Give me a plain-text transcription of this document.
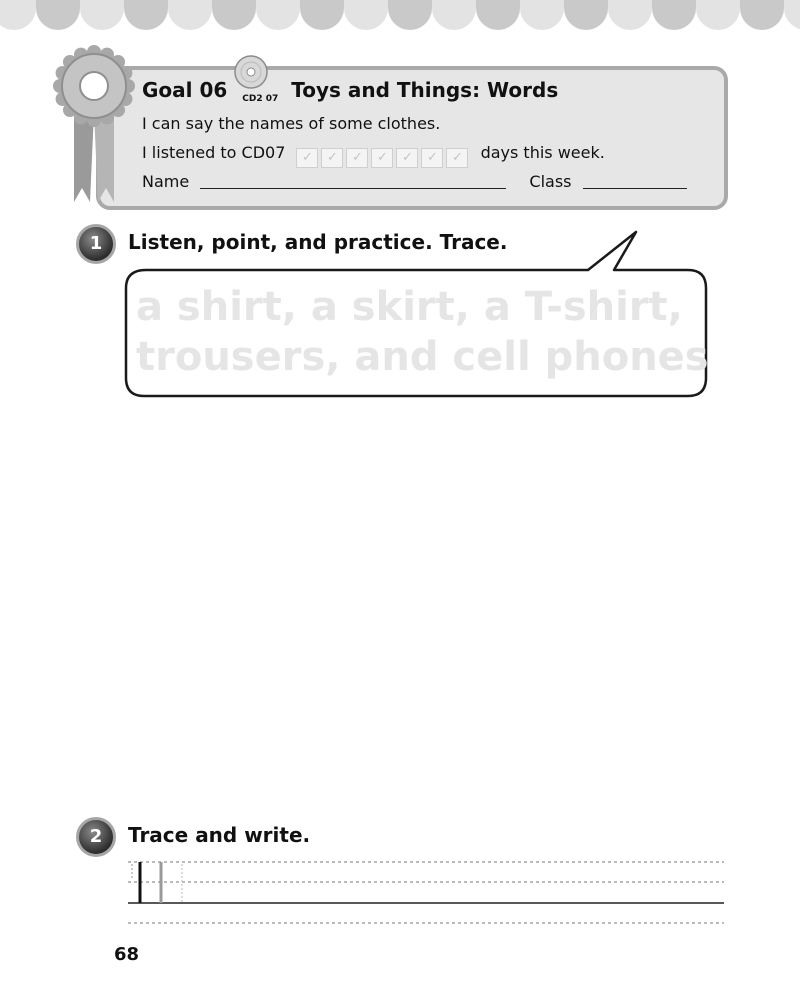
Goal 06 CD2 07 Toys and Things: Words
I can say the names of some clothes.
I listened to CD07 ✓ ✓ ✓ ✓ ✓ ✓ ✓ days this week.
Name	Class
1	Listen, point, and practice. Trace.
a shirt, a skirt, a T-shirt,
trousers, and cell phones
2	Trace and write.
68
